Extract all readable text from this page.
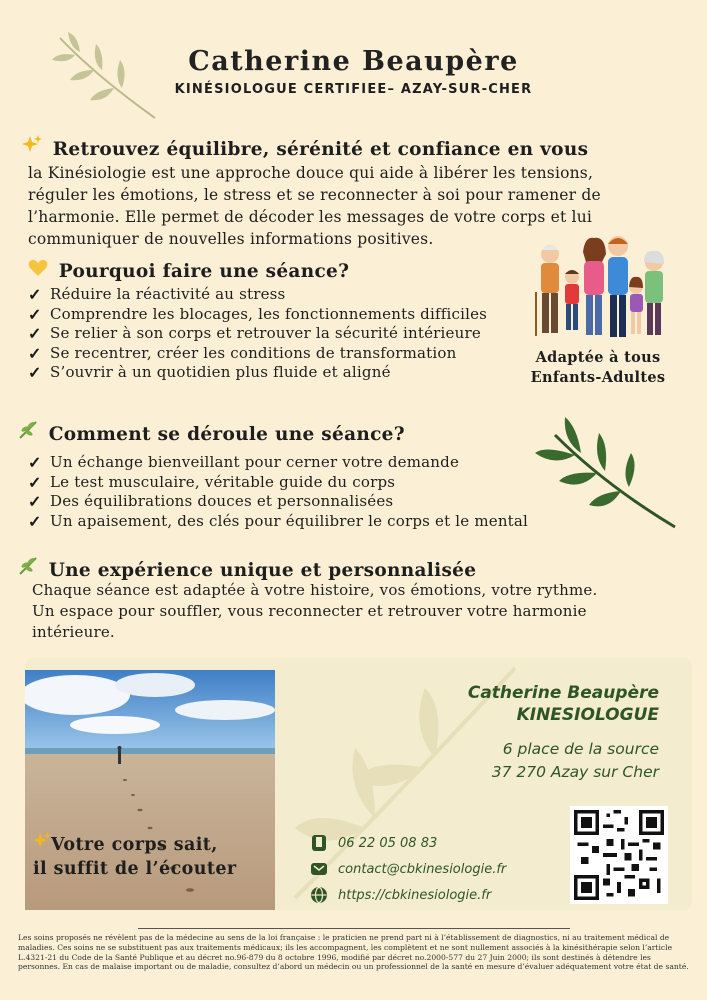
Catherine Beaupère
KINÉSIOLOGUE CERTIFIEE– AZAY-SUR-CHER
Retrouvez équilibre, sérénité et confiance en vous
la Kinésiologie est une approche douce qui aide à libérer les tensions,
réguler les émotions, le stress et se reconnecter à soi pour ramener de
l’harmonie. Elle permet de décoder les messages de votre corps et lui
communiquer de nouvelles informations positives.
Pourquoi faire une séance?
✓ Réduire la réactivité au stress
✓ Comprendre les blocages, les fonctionnements difficiles
✓ Se relier à son corps et retrouver la sécurité intérieure
✓ Se recentrer, créer les conditions de transformation
✓ S’ouvrir à un quotidien plus fluide et aligné
Adaptée à tous
Enfants-Adultes
Comment se déroule une séance?
✓ Un échange bienveillant pour cerner votre demande
✓ Le test musculaire, véritable guide du corps
✓ Des équilibrations douces et personnalisées
✓ Un apaisement, des clés pour équilibrer le corps et le mental
Une expérience unique et personnalisée
Chaque séance est adaptée à votre histoire, vos émotions, votre rythme.
Un espace pour souffler, vous reconnecter et retrouver votre harmonie
intérieure.
Votre corps sait,
il suffit de l’écouter
Catherine Beaupère
KINESIOLOGUE
6 place de la source
37 270 Azay sur Cher
06 22 05 08 83
contact@cbkinesiologie.fr
https://cbkinesiologie.fr
Les soins proposés ne révèlent pas de la médecine au sens de la loi française : le praticien ne prend part ni à l’établissement de diagnostics, ni au traitement médical de maladies. Ces soins ne se substituent pas aux traitements médicaux; ils les accompagnent, les complètent et ne sont nullement associés à la kinésithérapie selon l’article L.4321-21 du Code de la Santé Publique et au décret no.96-879 du 8 octobre 1996, modifié par décret no.2000-577 du 27 Juin 2000; ils sont destinés à détendre les personnes. En cas de malaise important ou de maladie, consultez d’abord un médecin ou un professionnel de la santé en mesure d’évaluer adéquatement votre état de santé.
